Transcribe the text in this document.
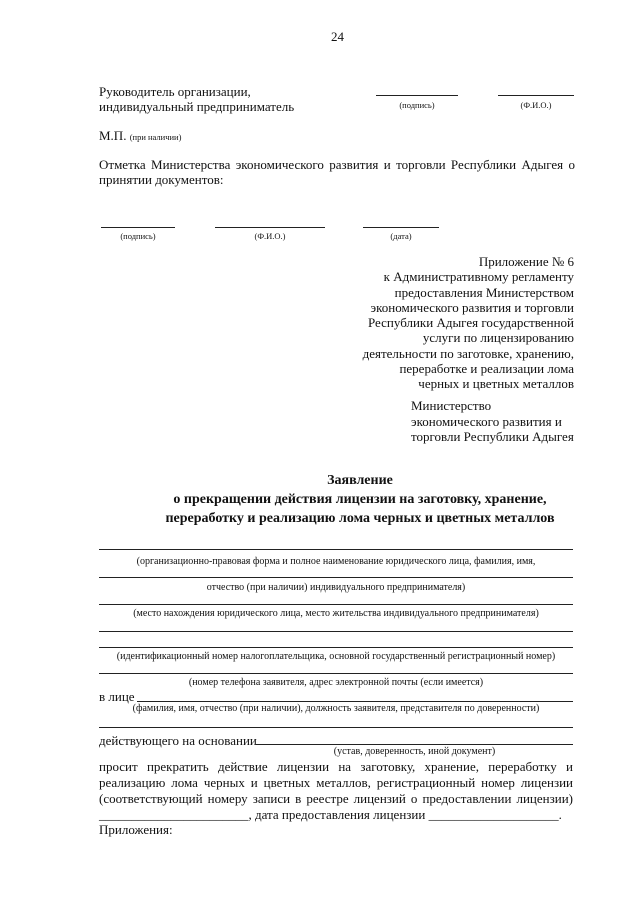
24
Руководитель организации,
индивидуальный предприниматель	(подпись)	(Ф.И.О.)
М.П. (при наличии)
Отметка Министерства экономического развития и торговли Республики Адыгея о
принятии документов:
(подпись)	(Ф.И.О.)	(дата)
Приложение № 6
к Административному регламенту
предоставления Министерством
экономического развития и торговли
Республики Адыгея государственной
услуги по лицензированию
деятельности по заготовке, хранению,
переработке и реализации лома
черных и цветных металлов
Министерство
экономического развития и
торговли Республики Адыгея
Заявление
о прекращении действия лицензии на заготовку, хранение,
переработку и реализацию лома черных и цветных металлов
(организационно-правовая форма и полное наименование юридического лица, фамилия, имя,
отчество (при наличии) индивидуального предпринимателя)
(место нахождения юридического лица, место жительства индивидуального предпринимателя)
(идентификационный номер налогоплательщика, основной государственный регистрационный номер)
(номер телефона заявителя, адрес электронной почты (если имеется)
в лице
(фамилия, имя, отчество (при наличии), должность заявителя, представителя по доверенности)
действующего на основании
(устав, доверенность, иной документ)
просит прекратить действие лицензии на заготовку, хранение, переработку и
реализацию лома черных и цветных металлов, регистрационный номер лицензии
(соответствующий номеру записи в реестре лицензий о предоставлении лицензии)
_______________________, дата предоставления лицензии ____________________.
Приложения:
